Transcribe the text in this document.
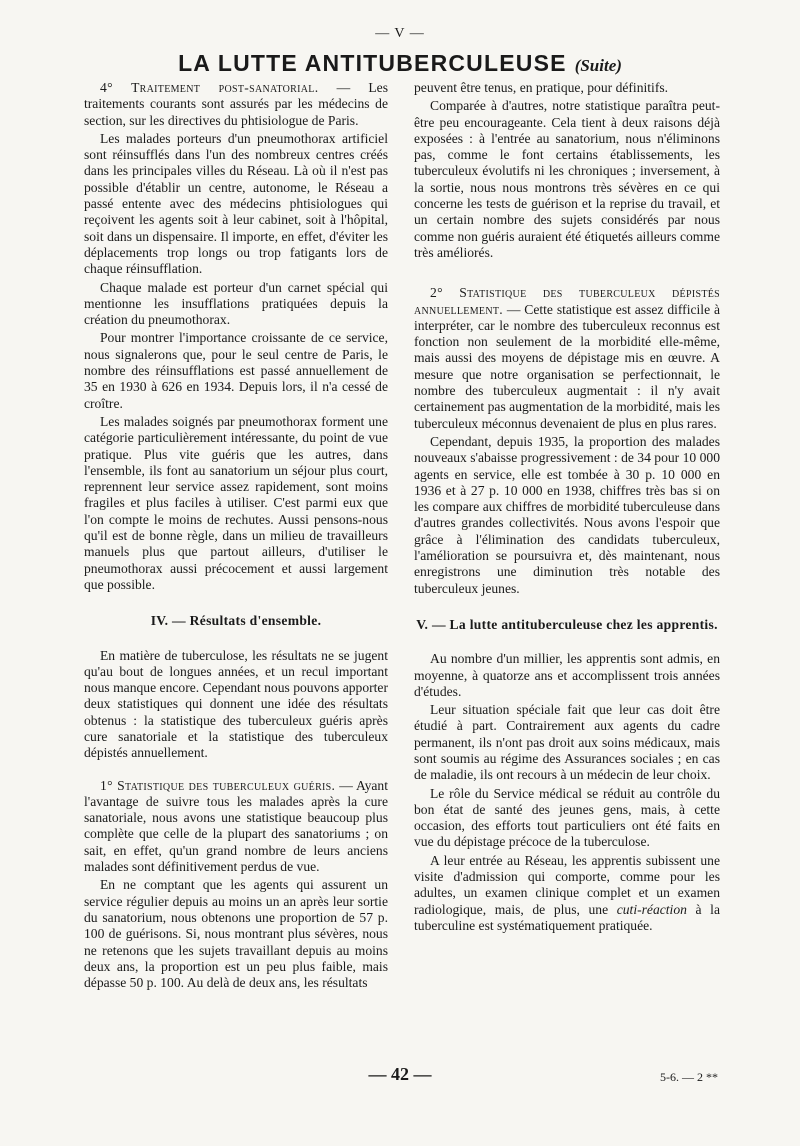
— V —
LA LUTTE ANTITUBERCULEUSE (Suite)

4° Traitement post-sanatorial. — Les traitements courants sont assurés par les médecins de section, sur les directives du phtisiologue de Paris.

Les malades porteurs d'un pneumothorax artificiel sont réinsufflés dans l'un des nombreux centres créés dans les principales villes du Réseau. Là où il n'est pas possible d'établir un centre, autonome, le Réseau a passé entente avec des médecins phtisiologues qui reçoivent les agents soit à leur cabinet, soit à l'hôpital, soit dans un dispensaire. Il importe, en effet, d'éviter les déplacements trop longs ou trop fatigants lors de chaque réinsufflation.

Chaque malade est porteur d'un carnet spécial qui mentionne les insufflations pratiquées depuis la création du pneumothorax.

Pour montrer l'importance croissante de ce service, nous signalerons que, pour le seul centre de Paris, le nombre des réinsufflations est passé annuellement de 35 en 1930 à 626 en 1934. Depuis lors, il n'a cessé de croître.

Les malades soignés par pneumothorax forment une catégorie particulièrement intéressante, du point de vue pratique. Plus vite guéris que les autres, dans l'ensemble, ils font au sanatorium un séjour plus court, reprennent leur service assez rapidement, sont moins fragiles et plus faciles à utiliser. C'est parmi eux que l'on compte le moins de rechutes. Aussi pensons-nous qu'il est de bonne règle, dans un milieu de travailleurs manuels plus que partout ailleurs, d'utiliser le pneumothorax aussi précocement et aussi largement que possible.

IV. — Résultats d'ensemble.

En matière de tuberculose, les résultats ne se jugent qu'au bout de longues années, et un recul important nous manque encore. Cependant nous pouvons apporter deux statistiques qui donnent une idée des résultats obtenus : la statistique des tuberculeux guéris après cure sanatoriale et la statistique des tuberculeux dépistés annuellement.

1° Statistique des tuberculeux guéris. — Ayant l'avantage de suivre tous les malades après la cure sanatoriale, nous avons une statistique beaucoup plus complète que celle de la plupart des sanatoriums ; on sait, en effet, qu'un grand nombre de leurs anciens malades sont définitivement perdus de vue.

En ne comptant que les agents qui assurent un service régulier depuis au moins un an après leur sortie du sanatorium, nous obtenons une proportion de 57 p. 100 de guérisons. Si, nous montrant plus sévères, nous ne retenons que les sujets travaillant depuis au moins deux ans, la proportion est un peu plus faible, mais dépasse 50 p. 100. Au delà de deux ans, les résultats

peuvent être tenus, en pratique, pour définitifs.

Comparée à d'autres, notre statistique paraîtra peut-être peu encourageante. Cela tient à deux raisons déjà exposées : à l'entrée au sanatorium, nous n'éliminons pas, comme le font certains établissements, les tuberculeux évolutifs ni les chroniques ; inversement, à la sortie, nous nous montrons très sévères en ce qui concerne les tests de guérison et la reprise du travail, et un certain nombre des sujets considérés par nous comme non guéris auraient été étiquetés ailleurs comme très améliorés.

2° Statistique des tuberculeux dépistés annuellement. — Cette statistique est assez difficile à interpréter, car le nombre des tuberculeux reconnus est fonction non seulement de la morbidité elle-même, mais aussi des moyens de dépistage mis en œuvre. A mesure que notre organisation se perfectionnait, le nombre des tuberculeux augmentait : il n'y avait certainement pas augmentation de la morbidité, mais les tuberculeux méconnus devenaient de plus en plus rares.

Cependant, depuis 1935, la proportion des malades nouveaux s'abaisse progressivement : de 34 pour 10 000 agents en service, elle est tombée à 30 p. 10 000 en 1936 et à 27 p. 10 000 en 1938, chiffres très bas si on les compare aux chiffres de morbidité tuberculeuse dans d'autres grandes collectivités. Nous avons l'espoir que grâce à l'élimination des candidats tuberculeux, l'amélioration se poursuivra et, dès maintenant, nous enregistrons une diminution très notable des tuberculeux jeunes.

V. — La lutte antituberculeuse chez les apprentis.

Au nombre d'un millier, les apprentis sont admis, en moyenne, à quatorze ans et accomplissent trois années d'études.

Leur situation spéciale fait que leur cas doit être étudié à part. Contrairement aux agents du cadre permanent, ils n'ont pas droit aux soins médicaux, mais sont soumis au régime des Assurances sociales ; en cas de maladie, ils ont recours à un médecin de leur choix.

Le rôle du Service médical se réduit au contrôle du bon état de santé des jeunes gens, mais, à cette occasion, des efforts tout particuliers ont été faits en vue du dépistage précoce de la tuberculose.

A leur entrée au Réseau, les apprentis subissent une visite d'admission qui comporte, comme pour les adultes, un examen clinique complet et un examen radiologique, mais, de plus, une cuti-réaction à la tuberculine est systématiquement pratiquée.

— 42 —	5-6. — 2 **
